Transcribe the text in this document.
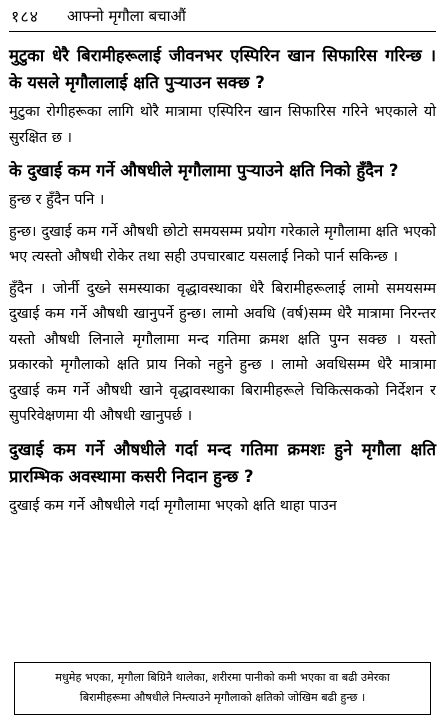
१८४ आफ्नो मृगौला बचाऔं
मुटुका धेरै बिरामीहरूलाई जीवनभर एस्पिरिन खान सिफारिस गरिन्छ । के यसले मृगौलालाई क्षति पुऱ्याउन सक्छ ?

मुटुका रोगीहरूका लागि थोरै मात्रामा एस्पिरिन खान सिफारिस गरिने भएकाले यो सुरक्षित छ ।

के दुखाई कम गर्ने औषधीले मृगौलामा पुऱ्याउने क्षति निको हुँदैन ?

हुन्छ र हुँदैन पनि ।

हुन्छ। दुखाई कम गर्ने औषधी छोटो समयसम्म प्रयोग गरेकाले मृगौलामा क्षति भएको भए त्यस्तो औषधी रोकेर तथा सही उपचारबाट यसलाई निको पार्न सकिन्छ ।

हुँदैन । जोर्नी दुख्ने समस्याका वृद्धावस्थाका धेरै बिरामीहरूलाई लामो समयसम्म दुखाई कम गर्ने औषधी खानुपर्ने हुन्छ। लामो अवधि (वर्ष)सम्म धेरै मात्रामा निरन्तर यस्तो औषधी लिनाले मृगौलामा मन्द गतिमा क्रमश क्षति पुग्न सक्छ । यस्तो प्रकारको मृगौलाको क्षति प्राय निको नहुने हुन्छ । लामो अवधिसम्म धेरै मात्रामा दुखाई कम गर्ने औषधी खाने वृद्धावस्थाका बिरामीहरूले चिकित्सकको निर्देशन र सुपरिवेक्षणमा यी औषधी खानुपर्छ ।

दुखाई कम गर्ने औषधीले गर्दा मन्द गतिमा क्रमशः हुने मृगौला क्षति प्रारम्भिक अवस्थामा कसरी निदान हुन्छ ?

दुखाई कम गर्ने औषधीले गर्दा मृगौलामा भएको क्षति थाहा पाउन

मधुमेह भएका, मृगौला बिग्रिनै थालेका, शरीरमा पानीको कमी भएका वा बढी उमेरका
बिरामीहरूमा औषधीले निम्त्याउने मृगौलाको क्षतिको जोखिम बढी हुन्छ ।
